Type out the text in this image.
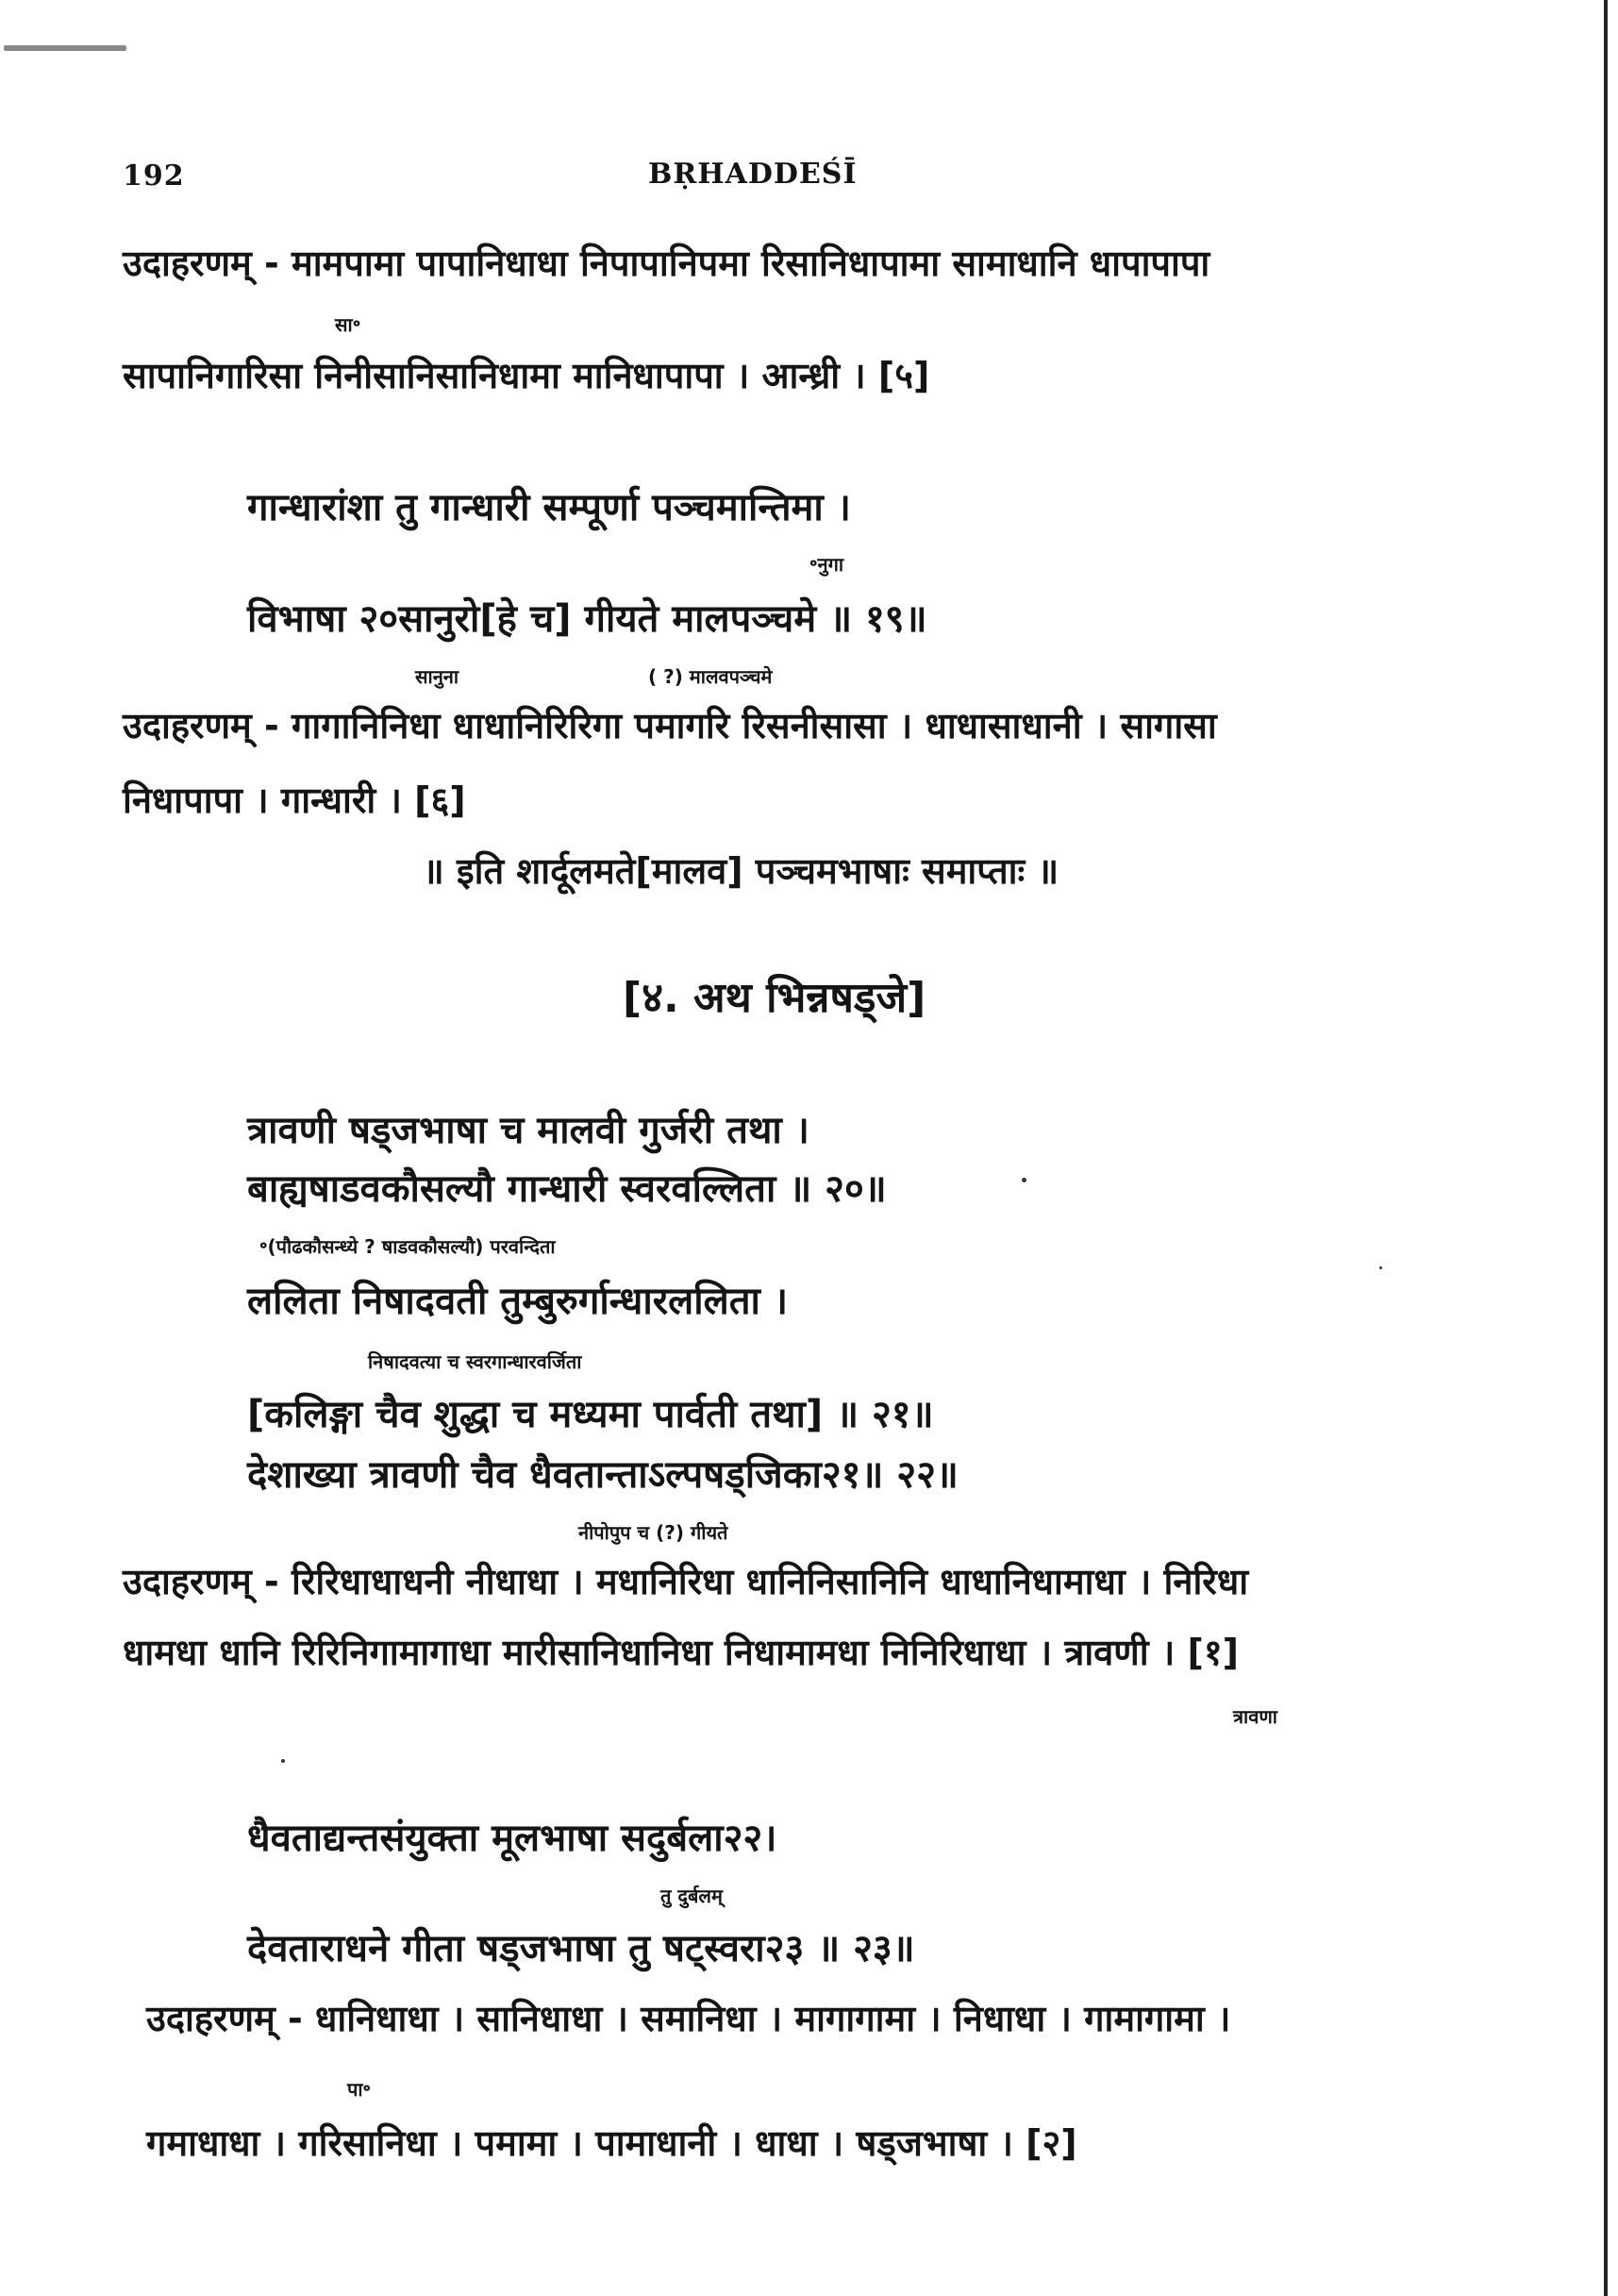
192	BṚHADDEŚĪ
उदाहरणम् - मामपामा पापानिधाधा निपापानिपमा रिसानिधापामा सामाधानि धापापापा
सा॰
सापानिगारिसा निनीसानिसानिधामा मानिधापापा । आन्ध्री । [५]
गान्धारांशा तु गान्धारी सम्पूर्णा पञ्चमान्तिमा ।
॰नुगा
विभाषा २०सानुरो[हे च] गीयते मालपञ्चमे ॥ १९॥
सानुना	( ?) मालवपञ्चमे
उदाहरणम् - गागानिनिधा धाधानिरिरिगा पमागरि रिसनीसासा । धाधासाधानी । सागासा
निधापापा । गान्धारी । [६]
॥ इति शार्दूलमते[मालव] पञ्चमभाषाः समाप्ताः ॥
[४. अथ भिन्नषड्जे]
त्रावणी षड्जभाषा च मालवी गुर्जरी तथा ।
बाह्यषाडवकौसल्यौ गान्धारी स्वरवल्लिता ॥ २०॥
॰(पौढकौसन्ध्ये ? षाडवकौसल्यौ) परवन्दिता
ललिता निषादवती तुम्बुरुर्गान्धारललिता ।
निषादवत्या च स्वरगान्धारवर्जिता
[कलिङ्गा चैव शुद्धा च मध्यमा पार्वती तथा] ॥ २१॥
देशाख्या त्रावणी चैव धैवतान्ताऽल्पषड्जिका२१॥ २२॥
नीपोपुप च (?) गीयते
उदाहरणम् - रिरिधाधाधनी नीधाधा । मधानिरिधा धानिनिसानिनि धाधानिधामाधा । निरिधा
धामधा धानि रिरिनिगामागाधा मारीसानिधानिधा निधामामधा निनिरिधाधा । त्रावणी । [१]
त्रावणा
धैवताद्यन्तसंयुक्ता मूलभाषा सदुर्बला२२।
तु दुर्बलम्
देवताराधने गीता षड्जभाषा तु षट्स्वरा२३ ॥ २३॥
उदाहरणम् - धानिधाधा । सानिधाधा । समानिधा । मागागामा । निधाधा । गामागामा ।
पा॰
गमाधाधा । गरिसानिधा । पमामा । पामाधानी । धाधा । षड्जभाषा । [२]
